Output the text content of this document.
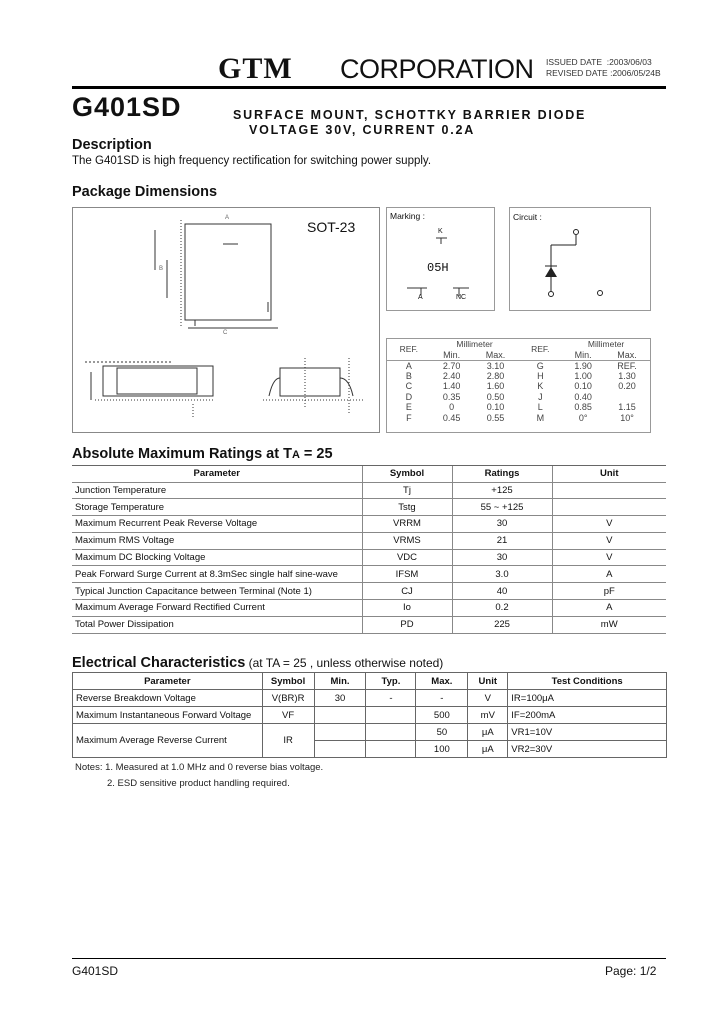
GTM CORPORATION ISSUED DATE  :2003/06/03
REVISED DATE :2006/05/24B
G401SD	SURFACE MOUNT, SCHOTTKY BARRIER DIODE
VOLTAGE 30V, CURRENT 0.2A
Description
The G401SD is high frequency rectification for switching power supply.
Package Dimensions
SOT-23
A
B
C
Marking :
K
05H
A	NC
Circuit :
REF.	Millimeter		REF.	Millimeter	
	Min.	Max.		Min.	Max.
A	2.70	3.10	G	1.90	REF.
B	2.40	2.80	H	1.00	1.30
C	1.40	1.60	K	0.10	0.20
D	0.35	0.50	J	0.40	
E	0	0.10	L	0.85	1.15
F	0.45	0.55	M	0°	10°
Absolute Maximum Ratings at TA = 25
Parameter	Symbol	Ratings	Unit
Junction Temperature	Tj	+125	
Storage Temperature	Tstg	55 ~ +125	
Maximum Recurrent Peak Reverse Voltage	VRRM	30	V
Maximum RMS Voltage	VRMS	21	V
Maximum DC Blocking Voltage	VDC	30	V
Peak Forward Surge Current at 8.3mSec single half sine-wave	IFSM	3.0	A
Typical Junction Capacitance between Terminal (Note 1)	CJ	40	pF
Maximum Average Forward Rectified Current	Io	0.2	A
Total Power Dissipation	PD	225	mW
Electrical Characteristics (at TA = 25 , unless otherwise noted)
Parameter	Symbol	Min.	Typ.	Max.	Unit	Test Conditions
Reverse Breakdown Voltage	V(BR)R	30	-	-	V	IR=100μA
Maximum Instantaneous Forward Voltage	VF			500	mV	IF=200mA
Maximum Average Reverse Current	IR			50	μA	VR1=10V
				100	μA	VR2=30V
Notes: 1. Measured at 1.0 MHz and 0 reverse bias voltage.
2. ESD sensitive product handling required.
G401SD	Page: 1/2
